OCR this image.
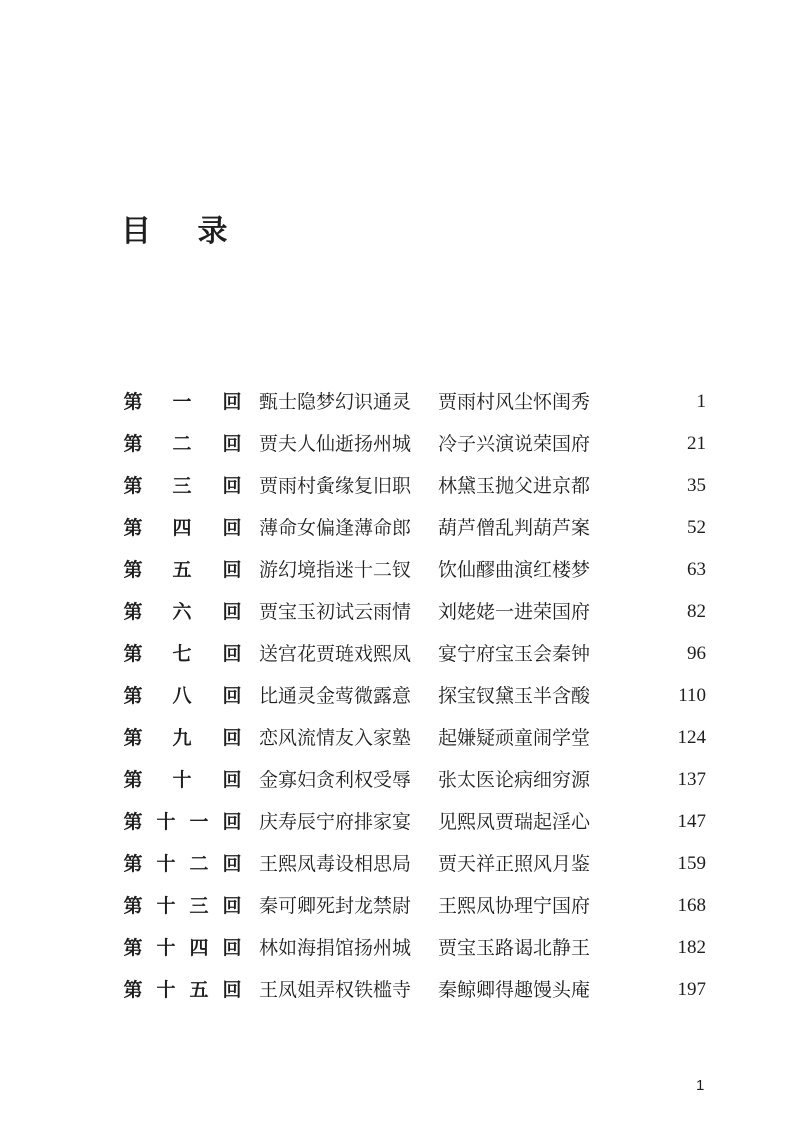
目 录
第 一 回 甄士隐梦幻识通灵 贾雨村风尘怀闺秀	1
第 二 回 贾夫人仙逝扬州城 冷子兴演说荣国府	21
第 三 回 贾雨村夤缘复旧职 林黛玉抛父进京都	35
第 四 回 薄命女偏逢薄命郎 葫芦僧乱判葫芦案	52
第 五 回 游幻境指迷十二钗 饮仙醪曲演红楼梦	63
第 六 回 贾宝玉初试云雨情 刘姥姥一进荣国府	82
第 七 回 送宫花贾琏戏熙凤 宴宁府宝玉会秦钟	96
第 八 回 比通灵金莺微露意 探宝钗黛玉半含酸	110
第 九 回 恋风流情友入家塾 起嫌疑顽童闹学堂	124
第 十 回 金寡妇贪利权受辱 张太医论病细穷源	137
第 十 一 回 庆寿辰宁府排家宴 见熙凤贾瑞起淫心	147
第 十 二 回 王熙凤毒设相思局 贾天祥正照风月鉴	159
第 十 三 回 秦可卿死封龙禁尉 王熙凤协理宁国府	168
第 十 四 回 林如海捐馆扬州城 贾宝玉路谒北静王	182
第 十 五 回 王凤姐弄权铁槛寺 秦鲸卿得趣馒头庵	197
1
